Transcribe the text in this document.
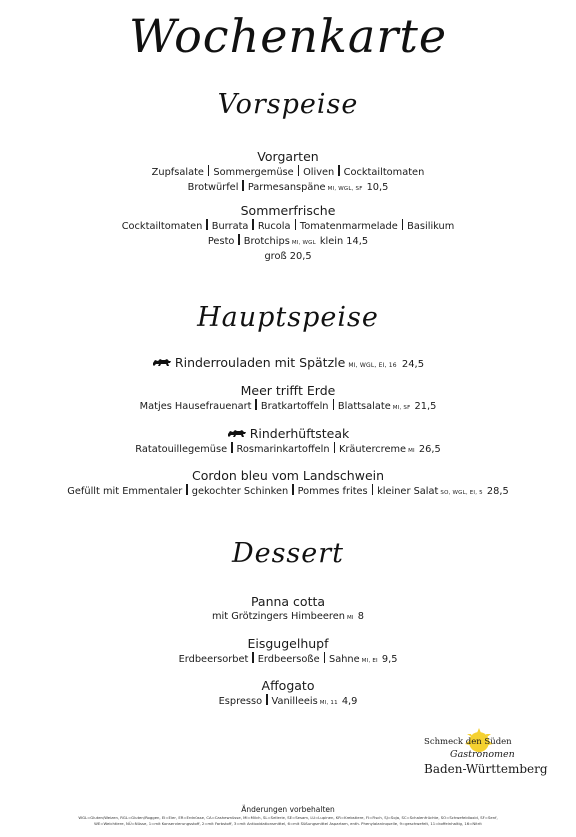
Wochenkarte
Vorspeise

Vorgarten

Zupfsalate Sommergemüse Oliven Cocktailtomaten

Brotwürfel Parmesanspäne MI, WGL, SF 10,5

Sommerfrische

Cocktailtomaten Burrata Rucola Tomatenmarmelade Basilikum

Pesto Brotchips MI, WGL klein 14,5

groß 20,5

Hauptspeise

Rinderrouladen mit Spätzle MI, WGL, EI, 16 24,5

Meer trifft Erde

Matjes Hausefrauenart Bratkartoffeln Blattsalate MI, SF 21,5

Rinderhüftsteak

Ratatouillegemüse Rosmarinkartoffeln Kräutercreme MI 26,5

Cordon bleu vom Landschwein

Gefüllt mit Emmentaler gekochter Schinken Pommes frites kleiner Salat SO, WGL, EI, 5 28,5

Dessert

Panna cotta

mit Grötzingers Himbeeren MI 8

Eisgugelhupf

Erdbeersorbet Erdbeersoße Sahne MI, EI 9,5

Affogato

Espresso Vanilleeis MI, 11 4,9

Schmeck den Süden
Gastronomen
Baden-Württemberg
Änderungen vorbehalten
WGL=Gluten/Weizen, RGL=Gluten/Roggen, EI=Eier, ER=Erdnüsse, CA=Cashewnüsse, MI=Milch, SL=Sellerie, SE=Sesam, LU=Lupinen, KR=Krebstiere, FI=Fisch, SJ=Soja, SC=Schalenfrüchte, SO=Schwefeldioxid, SF=Senf,
WE=Weichtiere, NÜ=Nüsse, 1=mit Konservierungsstoff, 2=mit Farbstoff, 3=mit Antioxidationsmittel, 6=mit Süßungsmittel Aspartam, enth. Phenylalaninquelle, 9=geschwefelt, 11=koffeinhaltig, 16=Nitrit
